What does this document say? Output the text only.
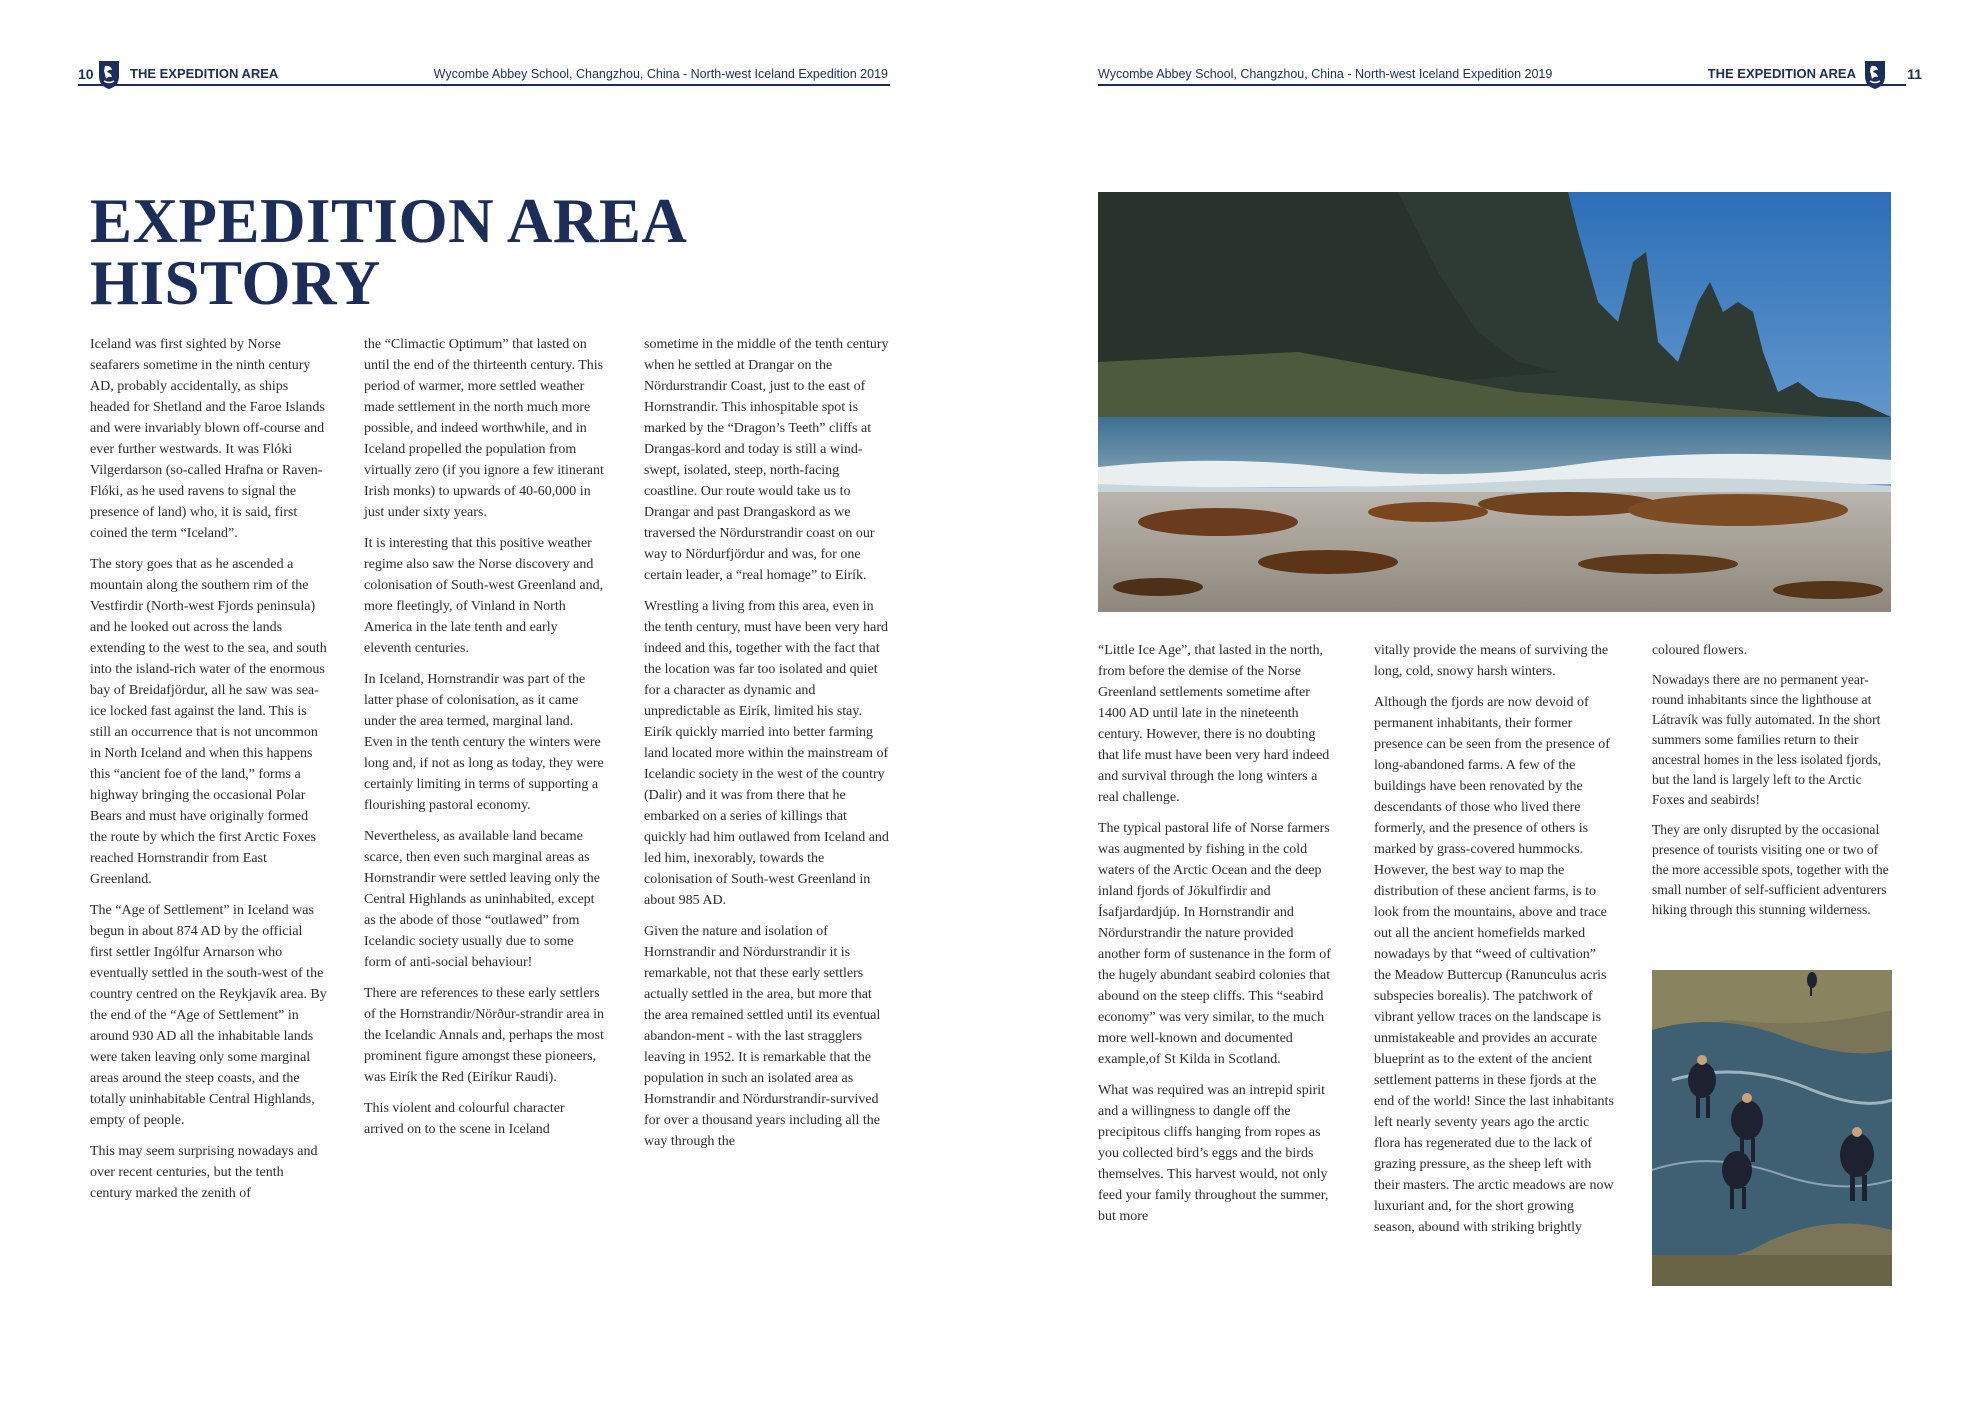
10	THE EXPEDITION AREA	Wycombe Abbey School, Changzhou, China - North-west Iceland Expedition 2019
EXPEDITION AREA
HISTORY

Iceland was first sighted by Norse seafarers sometime in the ninth century AD, probably accidentally, as ships headed for Shetland and the Faroe Islands and were invariably blown off-course and ever further westwards. It was Flóki Vilgerdarson (so-called Hrafna or Raven-Flóki, as he used ravens to signal the presence of land) who, it is said, first coined the term “Iceland”.

The story goes that as he ascended a mountain along the southern rim of the Vestfirdir (North-west Fjords peninsula) and he looked out across the lands extending to the west to the sea, and south into the island-rich water of the enormous bay of Breidafjördur, all he saw was sea-ice locked fast against the land. This is still an occurrence that is not uncommon in North Iceland and when this happens this “ancient foe of the land,” forms a highway bringing the occasional Polar Bears and must have originally formed the route by which the first Arctic Foxes reached Hornstrandir from East Greenland.

The “Age of Settlement” in Iceland was begun in about 874 AD by the official first settler Ingólfur Arnarson who eventually settled in the south-west of the country centred on the Reykjavík area. By the end of the “Age of Settlement” in around 930 AD all the inhabitable lands were taken leaving only some marginal areas around the steep coasts, and the totally uninhabitable Central Highlands, empty of people.

This may seem surprising nowadays and over recent centuries, but the tenth century marked the zenith of

the “Climactic Optimum” that lasted on until the end of the thirteenth century. This period of warmer, more settled weather made settlement in the north much more possible, and indeed worthwhile, and in Iceland propelled the population from virtually zero (if you ignore a few itinerant Irish monks) to upwards of 40-60,000 in just under sixty years.

It is interesting that this positive weather regime also saw the Norse discovery and colonisation of South-west Greenland and, more fleetingly, of Vinland in North America in the late tenth and early eleventh centuries.

In Iceland, Hornstrandir was part of the latter phase of colonisation, as it came under the area termed, marginal land. Even in the tenth century the winters were long and, if not as long as today, they were certainly limiting in terms of supporting a flourishing pastoral economy.

Nevertheless, as available land became scarce, then even such marginal areas as Hornstrandir were settled leaving only the Central Highlands as uninhabited, except as the abode of those “outlawed” from Icelandic society usually due to some form of anti-social behaviour!

There are references to these early settlers of the Hornstrandir/Nörður-strandir area in the Icelandic Annals and, perhaps the most prominent figure amongst these pioneers, was Eirík the Red (Eiríkur Raudi).

This violent and colourful character arrived on to the scene in Iceland

sometime in the middle of the tenth century when he settled at Drangar on the Nördurstrandir Coast, just to the east of Hornstrandir. This inhospitable spot is marked by the “Dragon’s Teeth” cliffs at Drangas-kord and today is still a wind-swept, isolated, steep, north-facing coastline. Our route would take us to Drangar and past Drangaskord as we traversed the Nördurstrandir coast on our way to Nördurfjördur and was, for one certain leader, a “real homage” to Eirík.

Wrestling a living from this area, even in the tenth century, must have been very hard indeed and this, together with the fact that the location was far too isolated and quiet for a character as dynamic and unpredictable as Eirík, limited his stay. Eirík quickly married into better farming land located more within the mainstream of Icelandic society in the west of the country (Dalir) and it was from there that he embarked on a series of killings that quickly had him outlawed from Iceland and led him, inexorably, towards the colonisation of South-west Greenland in about 985 AD.

Given the nature and isolation of Hornstrandir and Nördurstrandir it is remarkable, not that these early settlers actually settled in the area, but more that the area remained settled until its eventual abandon-ment - with the last stragglers leaving in 1952. It is remarkable that the population in such an isolated area as Hornstrandir and Nördurstrandir-survived for over a thousand years including all the way through the

Wycombe Abbey School, Changzhou, China - North-west Iceland Expedition 2019	THE EXPEDITION AREA	11

“Little Ice Age”, that lasted in the north, from before the demise of the Norse Greenland settlements sometime after 1400 AD until late in the nineteenth century. However, there is no doubting that life must have been very hard indeed and survival through the long winters a real challenge.

The typical pastoral life of Norse farmers was augmented by fishing in the cold waters of the Arctic Ocean and the deep inland fjords of Jökulfirdir and Ísafjardardjúp. In Hornstrandir and Nördurstrandir the nature provided another form of sustenance in the form of the hugely abundant seabird colonies that abound on the steep cliffs. This “seabird economy” was very similar, to the much more well-known and documented example,of St Kilda in Scotland.

What was required was an intrepid spirit and a willingness to dangle off the precipitous cliffs hanging from ropes as you collected bird’s eggs and the birds themselves. This harvest would, not only feed your family throughout the summer, but more

vitally provide the means of surviving the long, cold, snowy harsh winters.

Although the fjords are now devoid of permanent inhabitants, their former presence can be seen from the presence of long-abandoned farms. A few of the buildings have been renovated by the descendants of those who lived there formerly, and the presence of others is marked by grass-covered hummocks. However, the best way to map the distribution of these ancient farms, is to look from the mountains, above and trace out all the ancient homefields marked nowadays by that “weed of cultivation” the Meadow Buttercup (Ranunculus acris subspecies borealis). The patchwork of vibrant yellow traces on the landscape is unmistakeable and provides an accurate blueprint as to the extent of the ancient settlement patterns in these fjords at the end of the world! Since the last inhabitants left nearly seventy years ago the arctic flora has regenerated due to the lack of grazing pressure, as the sheep left with their masters. The arctic meadows are now luxuriant and, for the short growing season, abound with striking brightly

coloured flowers.

Nowadays there are no permanent year-round inhabitants since the lighthouse at Látravík was fully automated. In the short summers some families return to their ancestral homes in the less isolated fjords, but the land is largely left to the Arctic Foxes and seabirds!

They are only disrupted by the occasional presence of tourists visiting one or two of the more accessible spots, together with the small number of self-sufficient adventurers hiking through this stunning wilderness.
